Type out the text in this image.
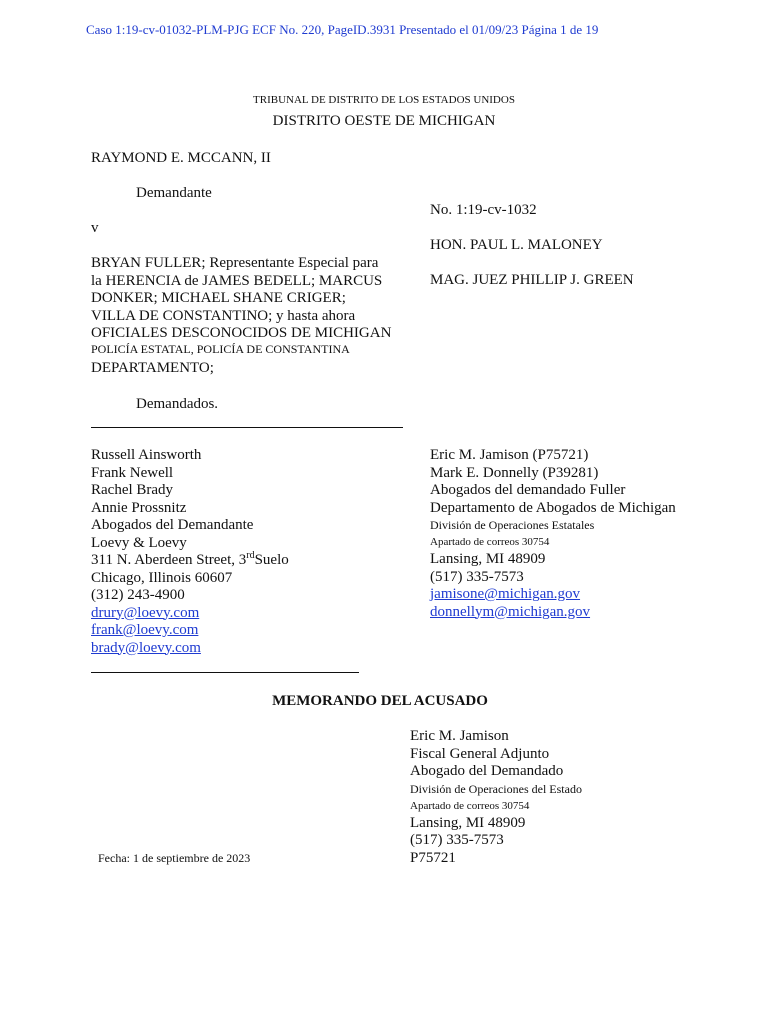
Caso 1:19-cv-01032-PLM-PJG ECF No. 220, PageID.3931 Presentado el 01/09/23 Página 1 de 19
TRIBUNAL DE DISTRITO DE LOS ESTADOS UNIDOS
DISTRITO OESTE DE MICHIGAN
RAYMOND E. MCCANN, II
Demandante
v
BRYAN FULLER; Representante Especial para
la HERENCIA de JAMES BEDELL; MARCUS
DONKER; MICHAEL SHANE CRIGER;
VILLA DE CONSTANTINO; y hasta ahora
OFICIALES DESCONOCIDOS DE MICHIGAN
POLICÍA ESTATAL, POLICÍA DE CONSTANTINA
DEPARTAMENTO;
Demandados.
No. 1:19-cv-1032
HON. PAUL L. MALONEY
MAG. JUEZ PHILLIP J. GREEN
Russell Ainsworth
Frank Newell
Rachel Brady
Annie Prossnitz
Abogados del Demandante
Loevy & Loevy
311 N. Aberdeen Street, 3rdSuelo
Chicago, Illinois 60607
(312) 243-4900
drury@loevy.com
frank@loevy.com
brady@loevy.com
Eric M. Jamison (P75721)
Mark E. Donnelly (P39281)
Abogados del demandado Fuller
Departamento de Abogados de Michigan
División de Operaciones Estatales
Apartado de correos 30754
Lansing, MI 48909
(517) 335-7573
jamisone@michigan.gov
donnellym@michigan.gov
MEMORANDO DEL ACUSADO
Eric M. Jamison
Fiscal General Adjunto
Abogado del Demandado
División de Operaciones del Estado
Apartado de correos 30754
Lansing, MI 48909
(517) 335-7573
P75721
Fecha: 1 de septiembre de 2023
